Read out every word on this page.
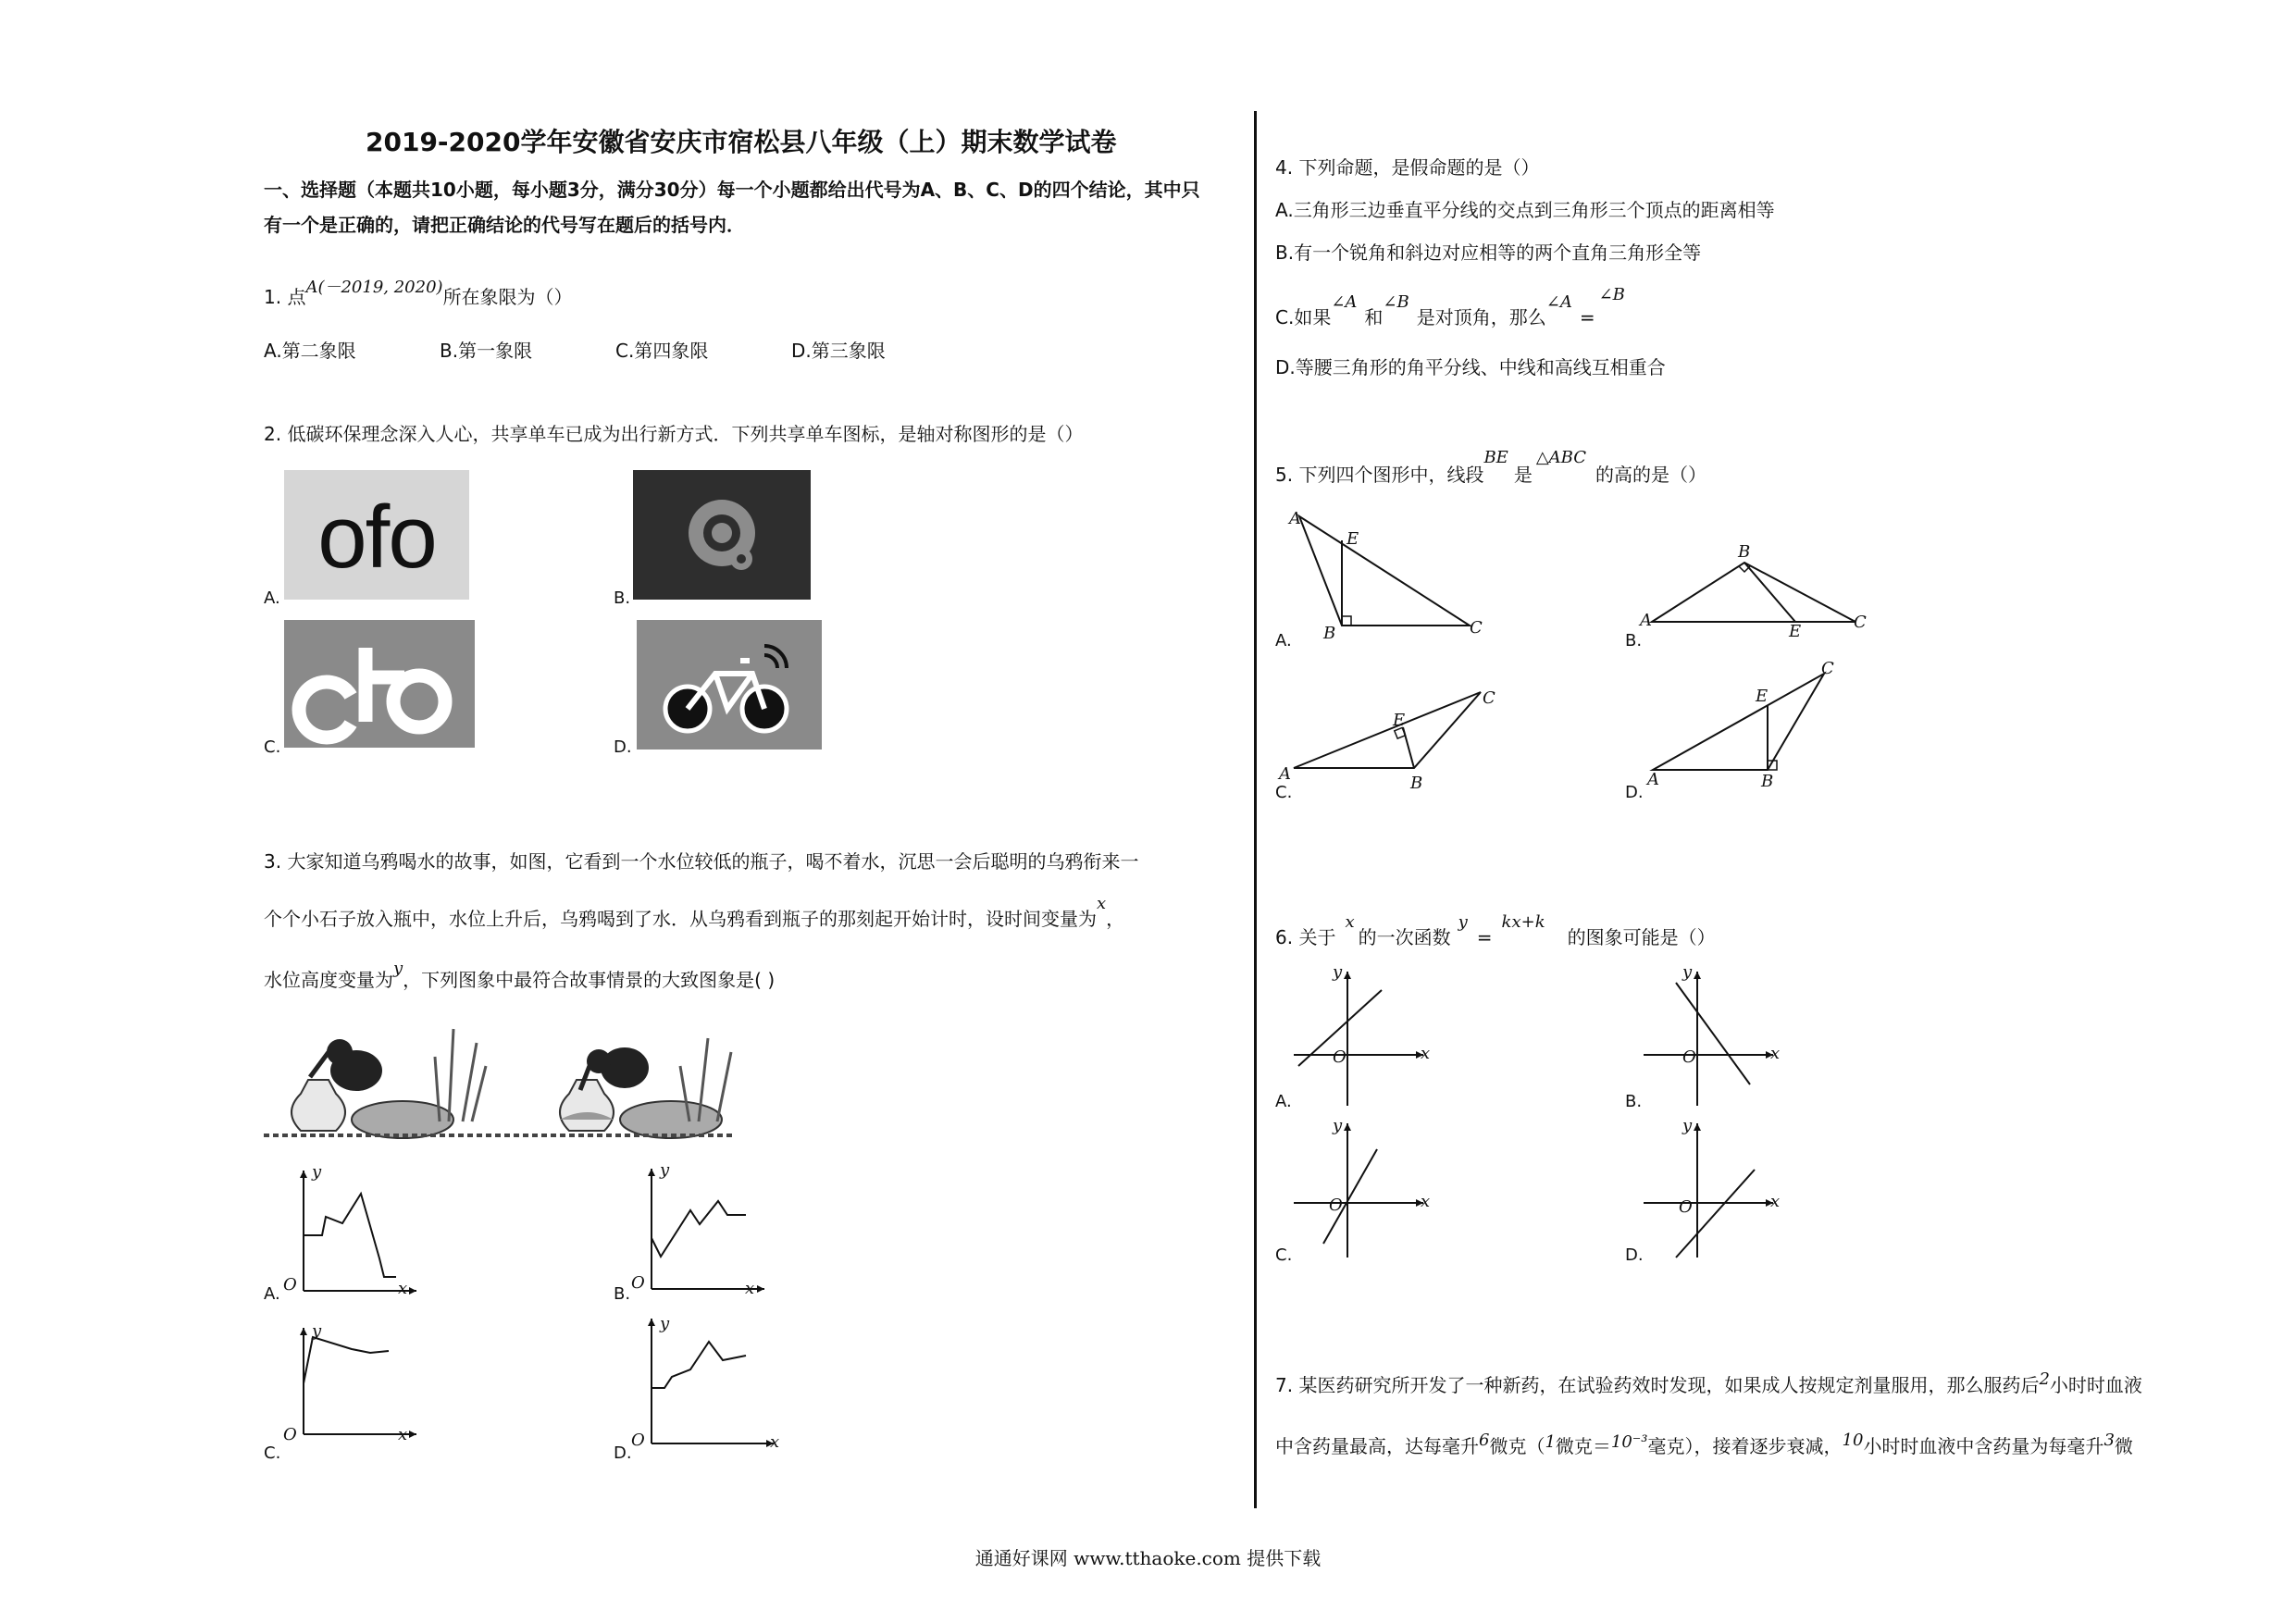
2019-2020学年安徽省安庆市宿松县八年级（上）期末数学试卷
一、选择题（本题共10小题，每小题3分，满分30分）每一个小题都给出代号为A、B、C、D的四个结论，其中只有一个是正确的，请把正确结论的代号写在题后的括号内．
1. 点A(－2019, 2020)所在象限为（）
A.第二象限	B.第一象限	C.第四象限	D.第三象限
2. 低碳环保理念深入人心，共享单车已成为出行新方式．下列共享单车图标，是轴对称图形的是（）
A.	B.
C.	D.
ofo
3. 大家知道乌鸦喝水的故事，如图，它看到一个水位较低的瓶子，喝不着水，沉思一会后聪明的乌鸦衔来一
个个小石子放入瓶中，水位上升后，乌鸦喝到了水．从乌鸦看到瓶子的那刻起开始计时，设时间变量为x，
水位高度变量为y，下列图象中最符合故事情景的大致图象是( )
A.	B.
C.	D.
O
y
x	O
y
x
O
y
x	O
y
x
4. 下列命题，是假命题的是（）
A.三角形三边垂直平分线的交点到三角形三个顶点的距离相等
B.有一个锐角和斜边对应相等的两个直角三角形全等
C.如果∠A和∠B是对顶角，那么∠A=∠B
D.等腰三角形的角平分线、中线和高线互相重合
5. 下列四个图形中，线段BE是△ABC的高的是（）
A.	B.
C.	D.
A
E
B	C
B
A
E	C
A
E
B
C
A
E
B
C
6. 关于x的一次函数y=kx+k的图象可能是（）
A.	B.
C.	D.
y
O	x
y
O	x
y
O	x
y
O	x
7. 某医药研究所开发了一种新药，在试验药效时发现，如果成人按规定剂量服用，那么服药后2小时时血液
中含药量最高，达每毫升6微克（1微克＝10⁻³毫克），接着逐步衰减，10小时时血液中含药量为每毫升3微
通通好课网 www.tthaoke.com 提供下载
